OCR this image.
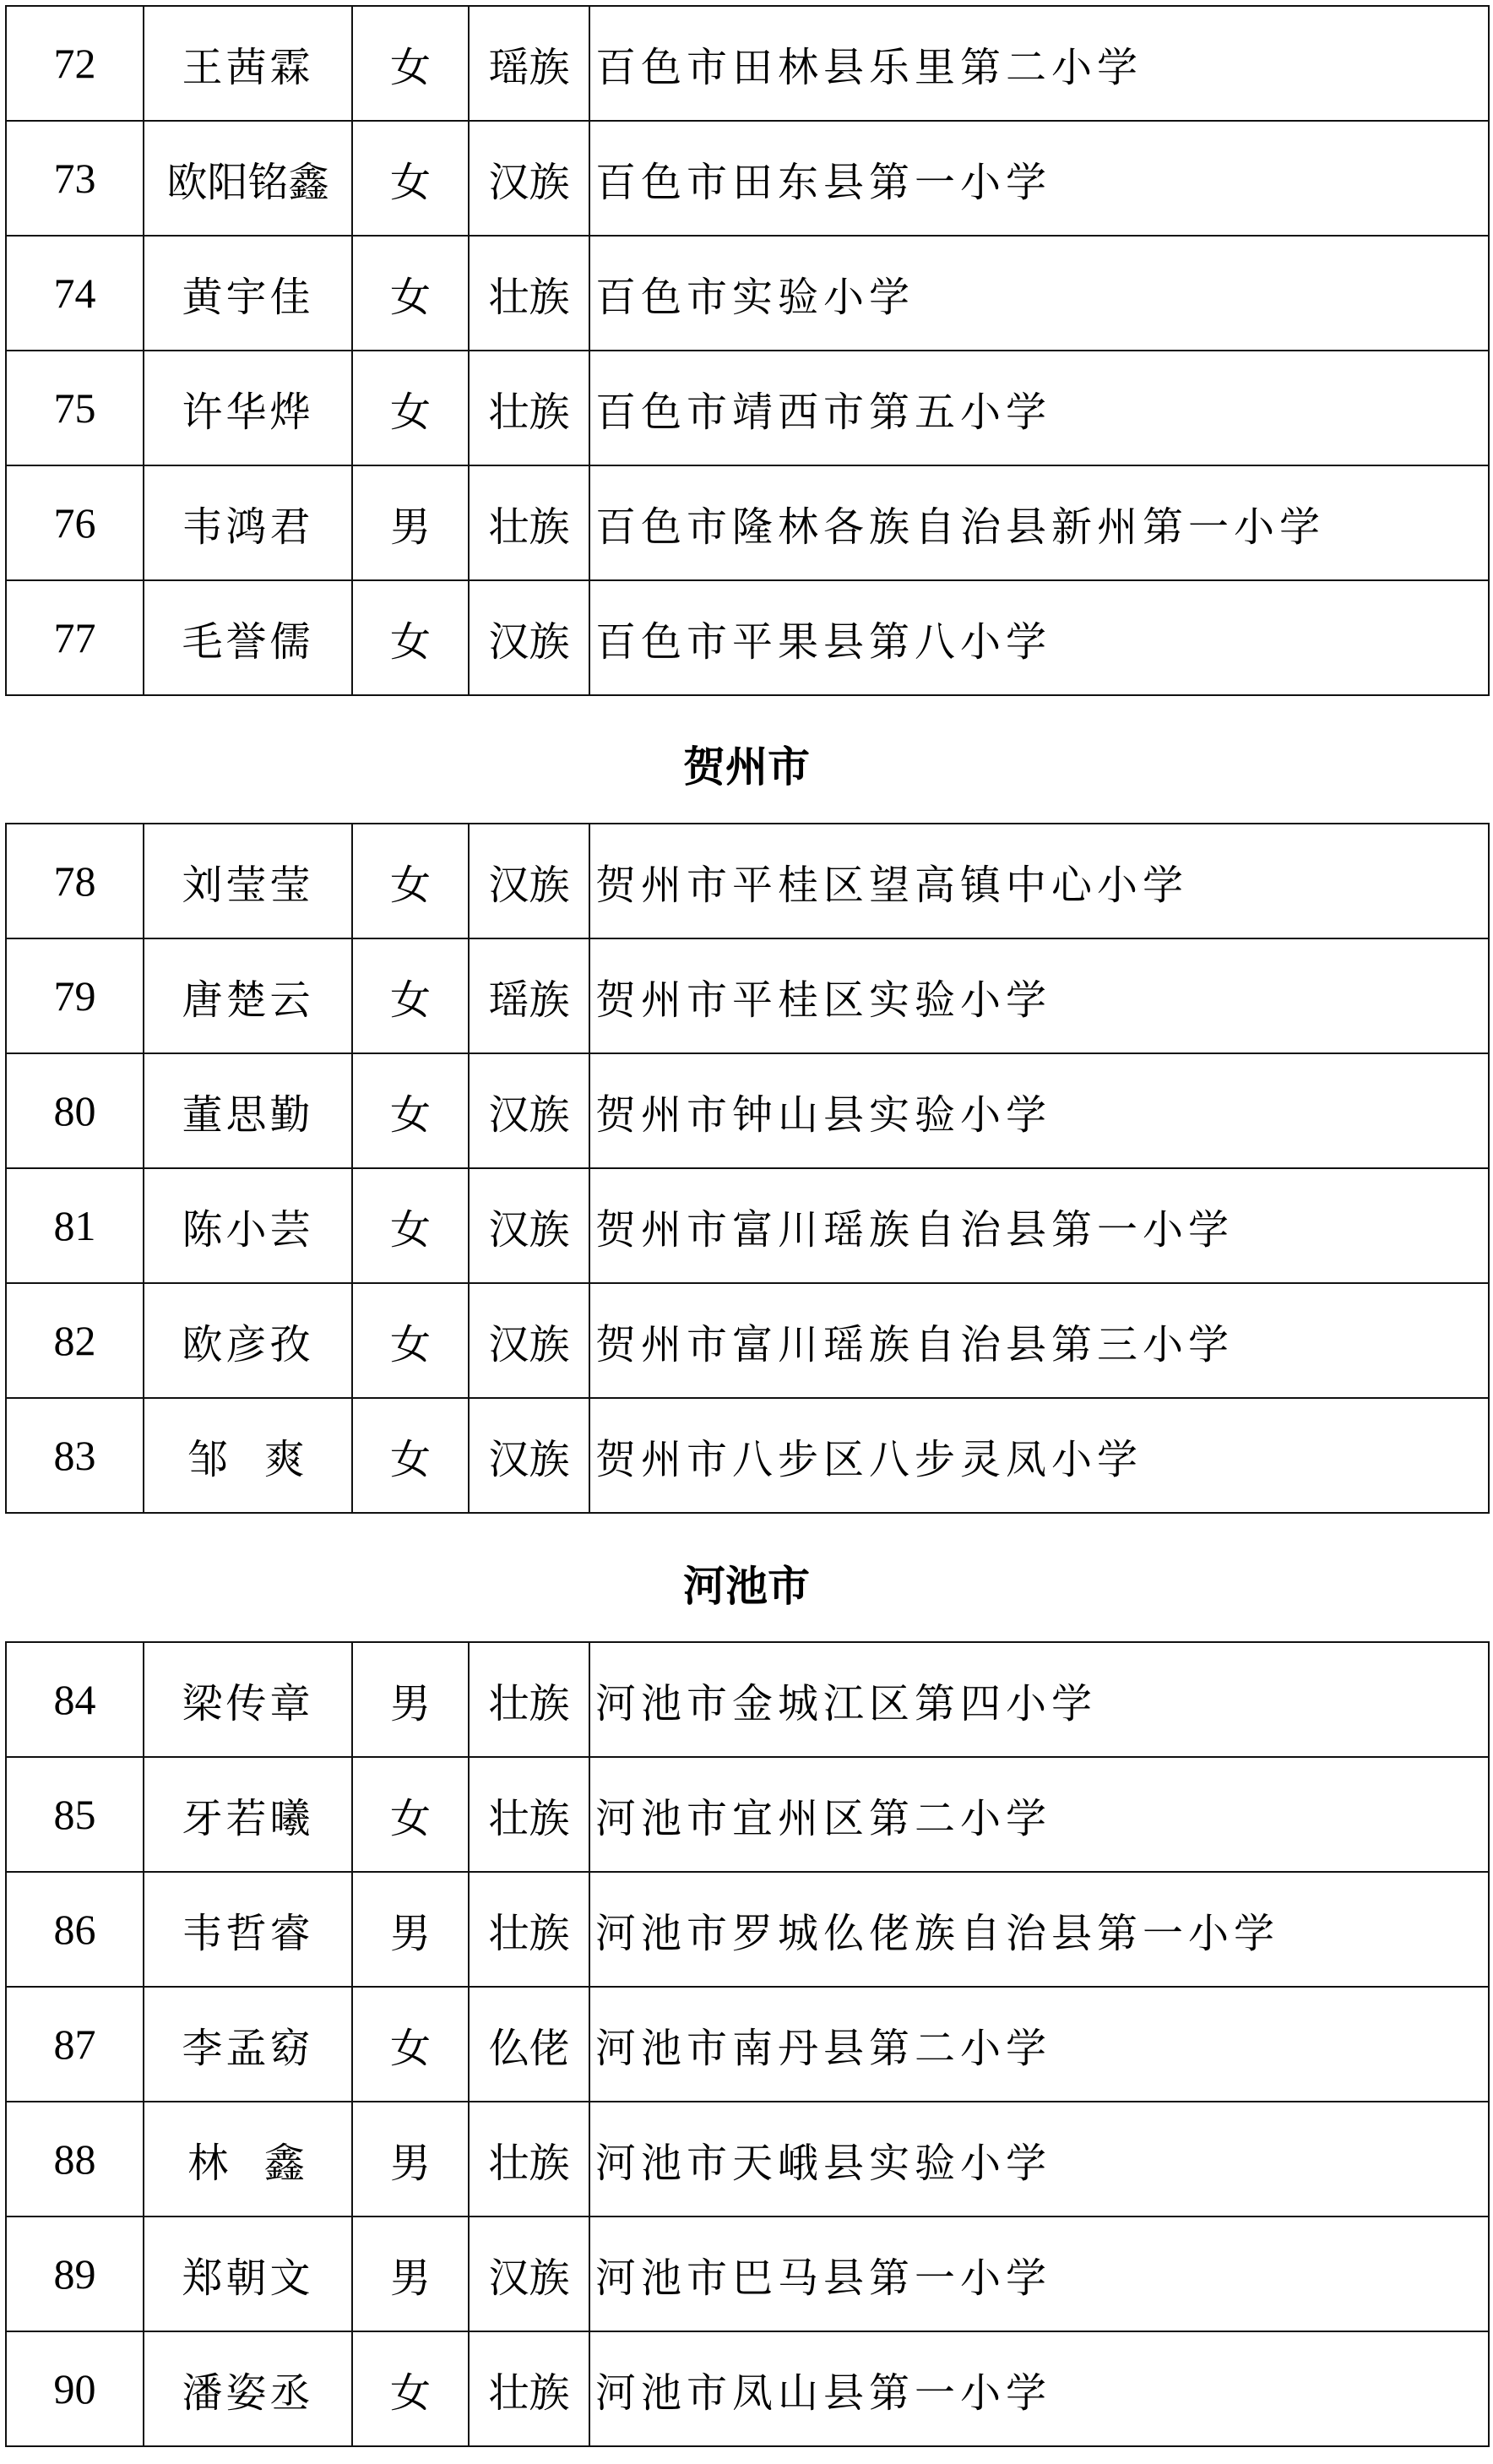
72	王茜霖	女	瑶族	百色市田林县乐里第二小学
73	欧阳铭鑫	女	汉族	百色市田东县第一小学
74	黄宇佳	女	壮族	百色市实验小学
75	许华烨	女	壮族	百色市靖西市第五小学
76	韦鸿君	男	壮族	百色市隆林各族自治县新州第一小学
77	毛誉儒	女	汉族	百色市平果县第八小学
贺州市
78	刘莹莹	女	汉族	贺州市平桂区望高镇中心小学
79	唐楚云	女	瑶族	贺州市平桂区实验小学
80	董思勤	女	汉族	贺州市钟山县实验小学
81	陈小芸	女	汉族	贺州市富川瑶族自治县第一小学
82	欧彦孜	女	汉族	贺州市富川瑶族自治县第三小学
83	邹  爽	女	汉族	贺州市八步区八步灵凤小学
河池市
84	梁传章	男	壮族	河池市金城江区第四小学
85	牙若曦	女	壮族	河池市宜州区第二小学
86	韦哲睿	男	壮族	河池市罗城仫佬族自治县第一小学
87	李孟窈	女	仫佬	河池市南丹县第二小学
88	林  鑫	男	壮族	河池市天峨县实验小学
89	郑朝文	男	汉族	河池市巴马县第一小学
90	潘姿丞	女	壮族	河池市凤山县第一小学
